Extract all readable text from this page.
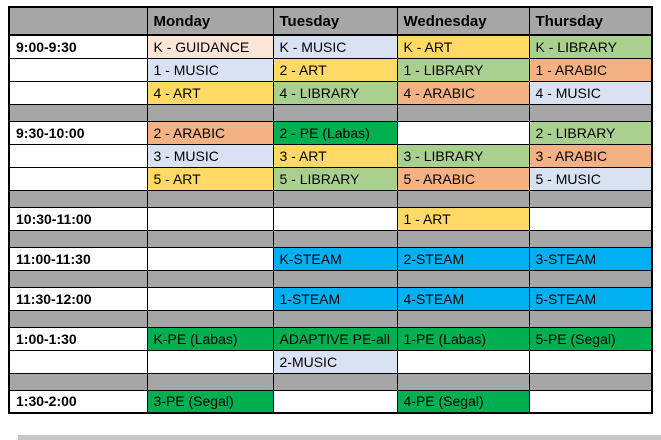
	Monday	Tuesday	Wednesday	Thursday
9:00-9:30	K - GUIDANCE	K - MUSIC	K - ART	K - LIBRARY
	1 - MUSIC	2 - ART	1 - LIBRARY	1 - ARABIC
	4 - ART	4 - LIBRARY	4 - ARABIC	4 - MUSIC

9:30-10:00	2 - ARABIC	2 - PE (Labas)		2 - LIBRARY
	3 - MUSIC	3 - ART	3 - LIBRARY	3 - ARABIC
	5 - ART	5 - LIBRARY	5 - ARABIC	5 - MUSIC

10:30-11:00			1 - ART	

11:00-11:30		K-STEAM	2-STEAM	3-STEAM

11:30-12:00		1-STEAM	4-STEAM	5-STEAM

1:00-1:30	K-PE (Labas)	ADAPTIVE PE-all	1-PE (Labas)	5-PE (Segal)
		2-MUSIC		

1:30-2:00	3-PE (Segal)		4-PE (Segal)	
